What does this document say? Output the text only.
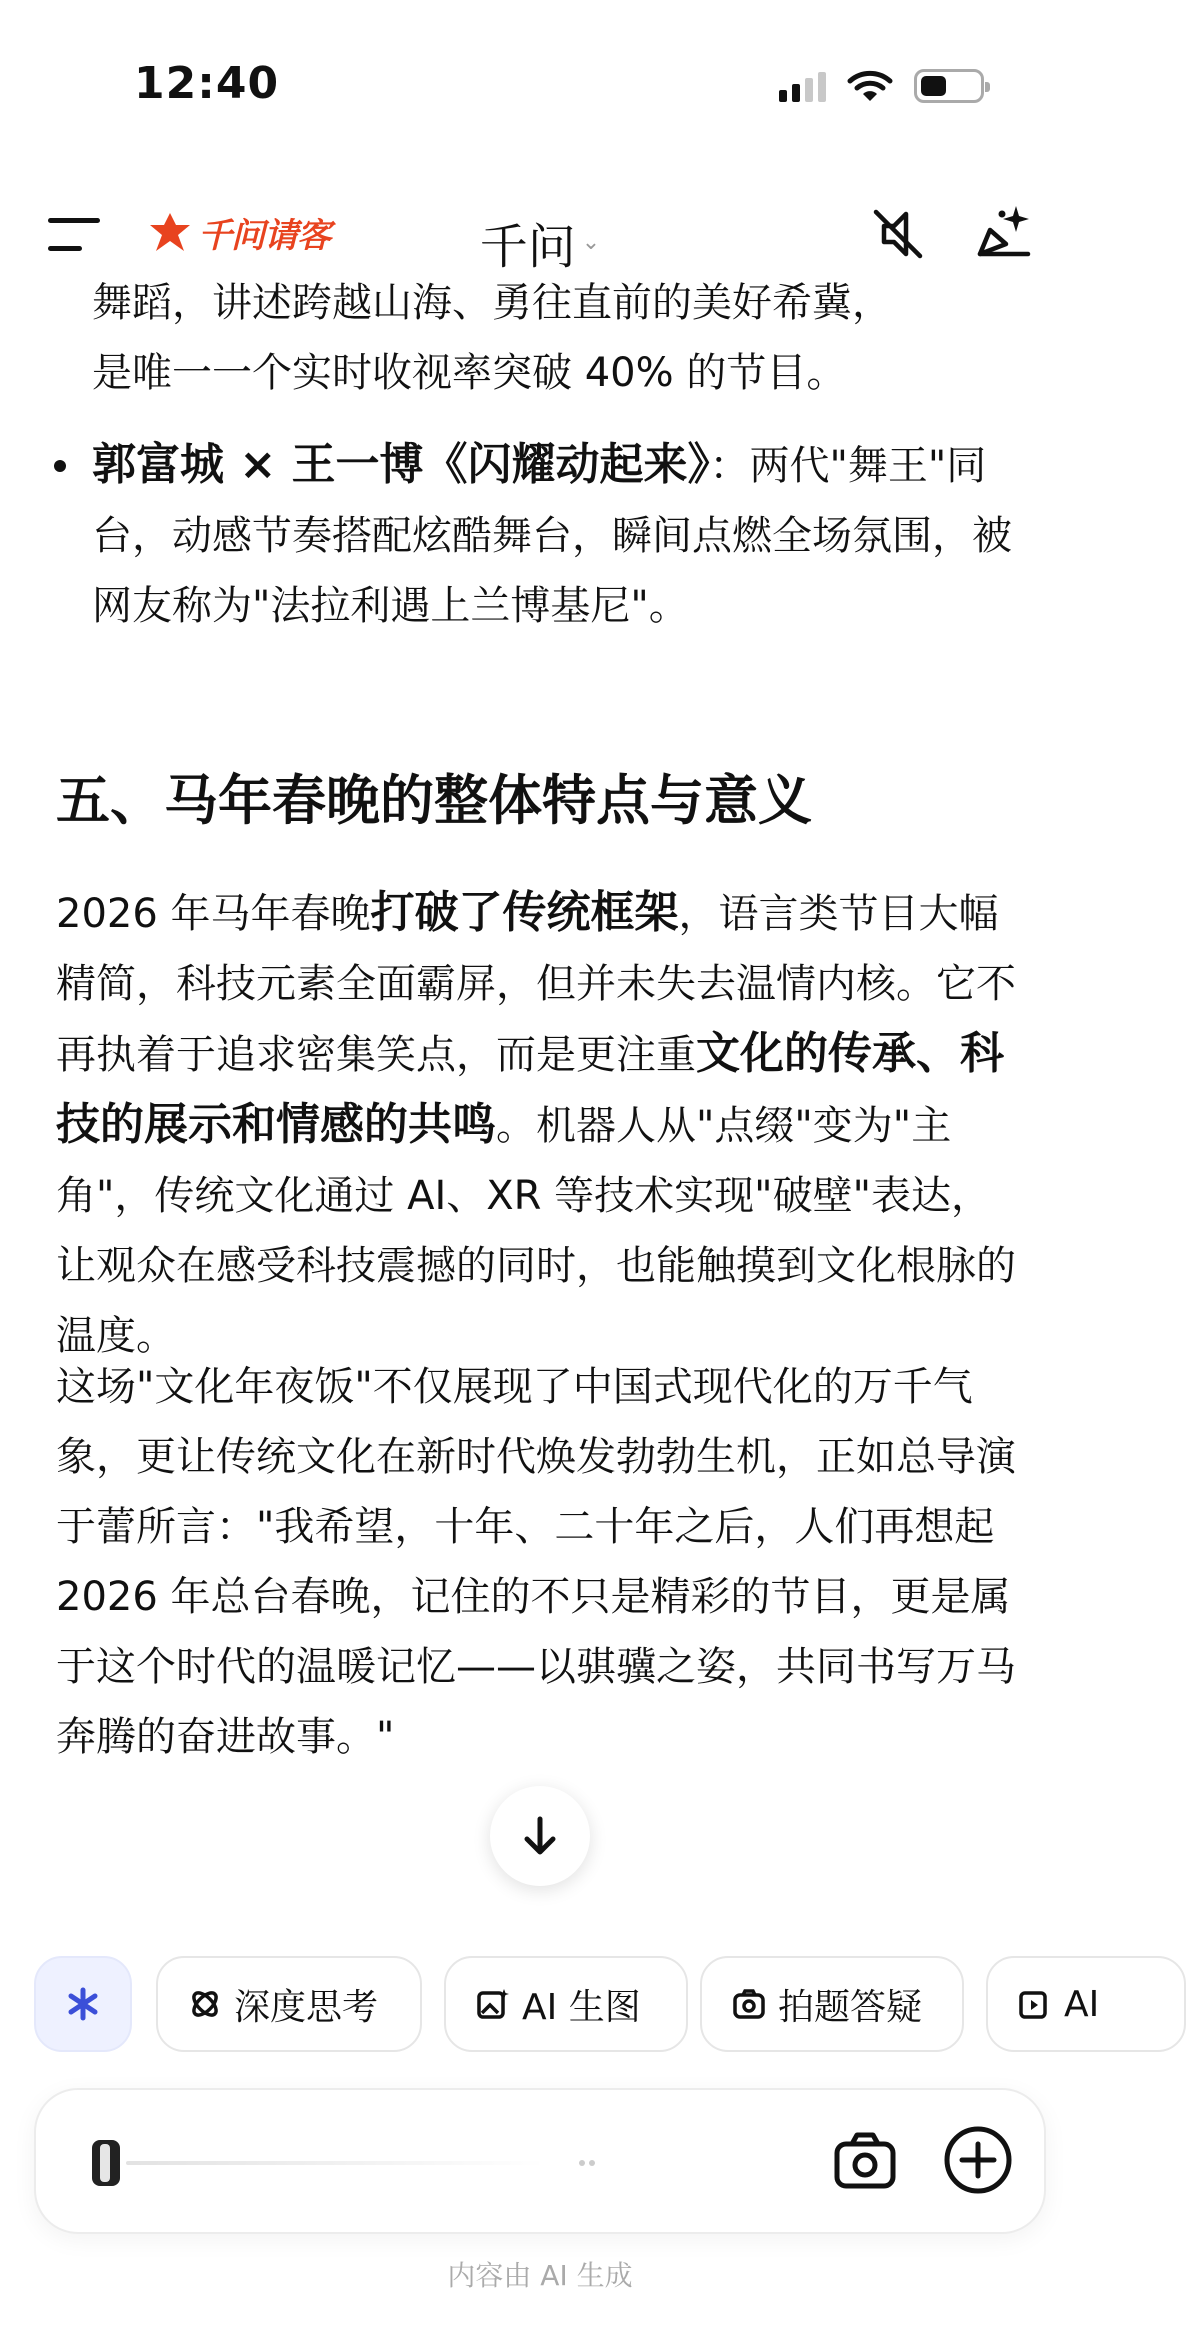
12:40
千问请客	千问 ⌄
舞蹈，讲述跨越山海、勇往直前的美好希冀，

是唯一一个实时收视率突破 40% 的节目。

郭富城 × 王一博《闪耀动起来》：两代"舞王"同台，动感节奏搭配炫酷舞台，瞬间点燃全场氛围，被网友称为"法拉利遇上兰博基尼"。

五、马年春晚的整体特点与意义

2026 年马年春晚打破了传统框架，语言类节目大幅精简，科技元素全面霸屏，但并未失去温情内核。它不再执着于追求密集笑点，而是更注重文化的传承、科技的展示和情感的共鸣。机器人从"点缀"变为"主角"，传统文化通过 AI、XR 等技术实现"破壁"表达，让观众在感受科技震撼的同时，也能触摸到文化根脉的温度。

这场"文化年夜饭"不仅展现了中国式现代化的万千气象，更让传统文化在新时代焕发勃勃生机，正如总导演于蕾所言："我希望，十年、二十年之后，人们再想起 2026 年总台春晚，记住的不只是精彩的节目，更是属于这个时代的温暖记忆——以骐骥之姿，共同书写万马奔腾的奋进故事。"

深度思考	AI 生图	拍题答疑	AI
内容由 AI 生成
